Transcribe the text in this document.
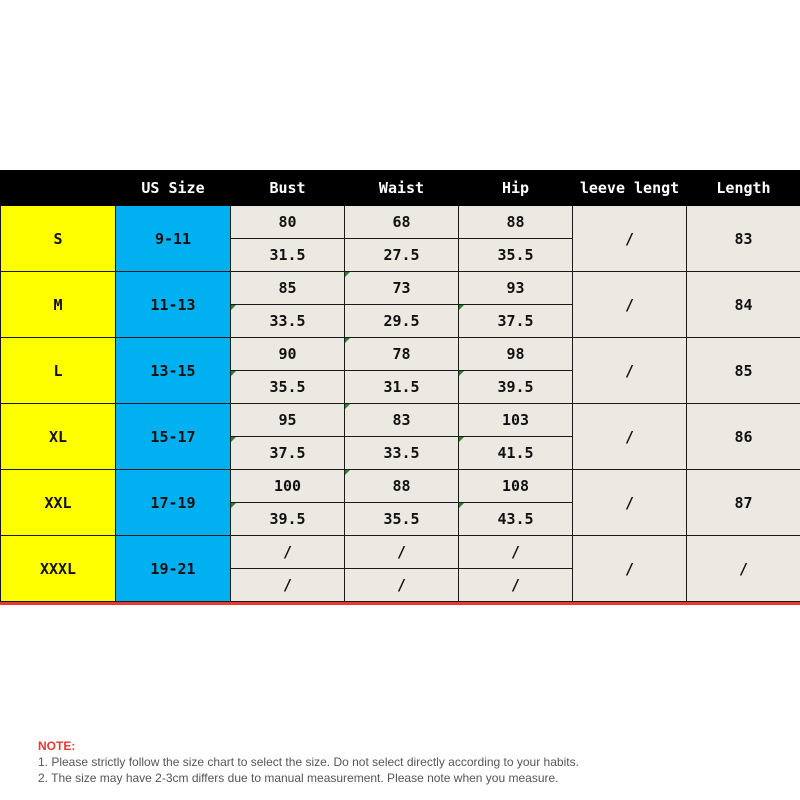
	US Size	Bust	Waist	Hip	leeve lengt	Length
S	9-11	80	68	88	/	83
		31.5	27.5	35.5		
M	11-13	85	73	93	/	84
		33.5	29.5	37.5		
L	13-15	90	78	98	/	85
		35.5	31.5	39.5		
XL	15-17	95	83	103	/	86
		37.5	33.5	41.5		
XXL	17-19	100	88	108	/	87
		39.5	35.5	43.5		
XXXL	19-21	/	/	/	/	/
		/	/	/		
NOTE:
1. Please strictly follow the size chart to select the size. Do not select directly according to your habits.
2. The size may have 2-3cm differs due to manual measurement. Please note when you measure.
